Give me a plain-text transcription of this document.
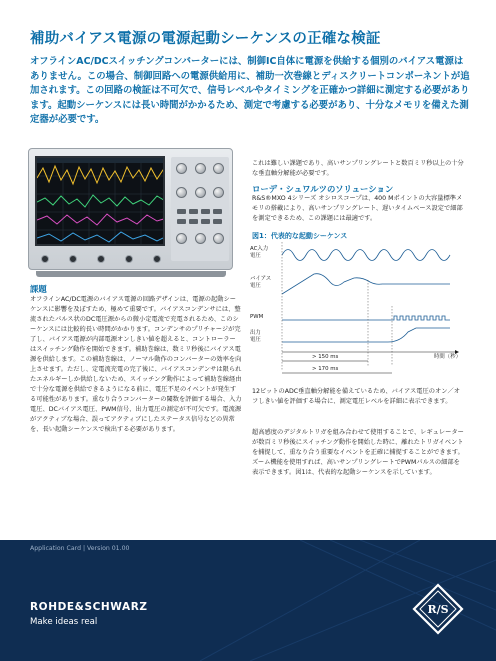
補助バイアス電源の電源起動シーケンスの正確な検証
オフラインAC/DCスイッチングコンバーターには、制御IC自体に電源を供給する個別のバイアス電源はありません。この場合、制御回路への電源供給用に、補助一次巻線とディスクリートコンポーネントが追加されます。この回路の検証は不可欠で、信号レベルやタイミングを正確かつ詳細に測定する必要があります。起動シーケンスには長い時間がかかるため、測定で考慮する必要があり、十分なメモリを備えた測定器が必要です。
課題
オフラインAC/DC電源のバイアス電源の回路デザインは、電源の起動シーケンスに影響を及ぼすため、極めて重要です。バイアスコンデンサには、整流されたパルス状のDC電圧源からの微小定電流で充電されるため、このシーケンスには比較的長い時間がかかります。コンデンサのプリチャージが完了し、バイアス電源が内部電源オンしきい値を超えると、コントローラーはスイッチング動作を開始できます。補助巻線は、数ミリ秒後にバイアス電源を供給します。この補助巻線は、ノーマル動作のコンバーターの効率を向上させます。ただし、定電流充電の完了後に、バイアスコンデンサは限られたエネルギーしか供給しないため、スイッチング動作によって補助巻線経由で十分な電源を供給できるようになる前に、電圧不足のイベントが発生する可能性があります。重なり合うコンバーターの閾数を評価する場合、入力電圧、DCバイアス電圧、PWM信号、出力電圧の測定が不可欠です。電流源がアクティブな場合、誤ってアクティブにしたステータス信号などの異常を、長い起動シーケンスで検出する必要があります。
これは難しい課題であり、高いサンプリングレートと数百ミリ秒以上の十分な垂直軸分解能が必要です。
ローデ・シュワルツのソリューション
R&S®MXO 4シリーズ オシロスコープは、400 Mポイントの大容量標準メモリの搭載により、高いサンプリングレート、遅いタイムベース設定で細部を測定できるため、この課題には最適です。
図1：代表的な起動シーケンス
AC入力
電圧
バイアス
電圧
PWM
出力
電圧
> 150 ms
> 170 ms
時間（秒）
12ビットのADC垂直軸分解能を備えているため、バイアス電圧のオン／オフしきい値を評価する場合に、測定電圧レベルを詳細に表示できます。
超高感度のデジタルトリガを組み合わせて使用することで、レギュレーターが数百ミリ秒後にスイッチング動作を開始した時に、離れたトリガイベントを捕捉して、重なり合う重要なイベントを正確に捕捉することができます。ズーム機能を使用すれば、高いサンプリングレートでPWMパルスの細部を表示できます。図1は、代表的な起動シーケンスを示しています。
Application Card | Version 01.00
ROHDE&SCHWARZ
Make ideas real
R/S
